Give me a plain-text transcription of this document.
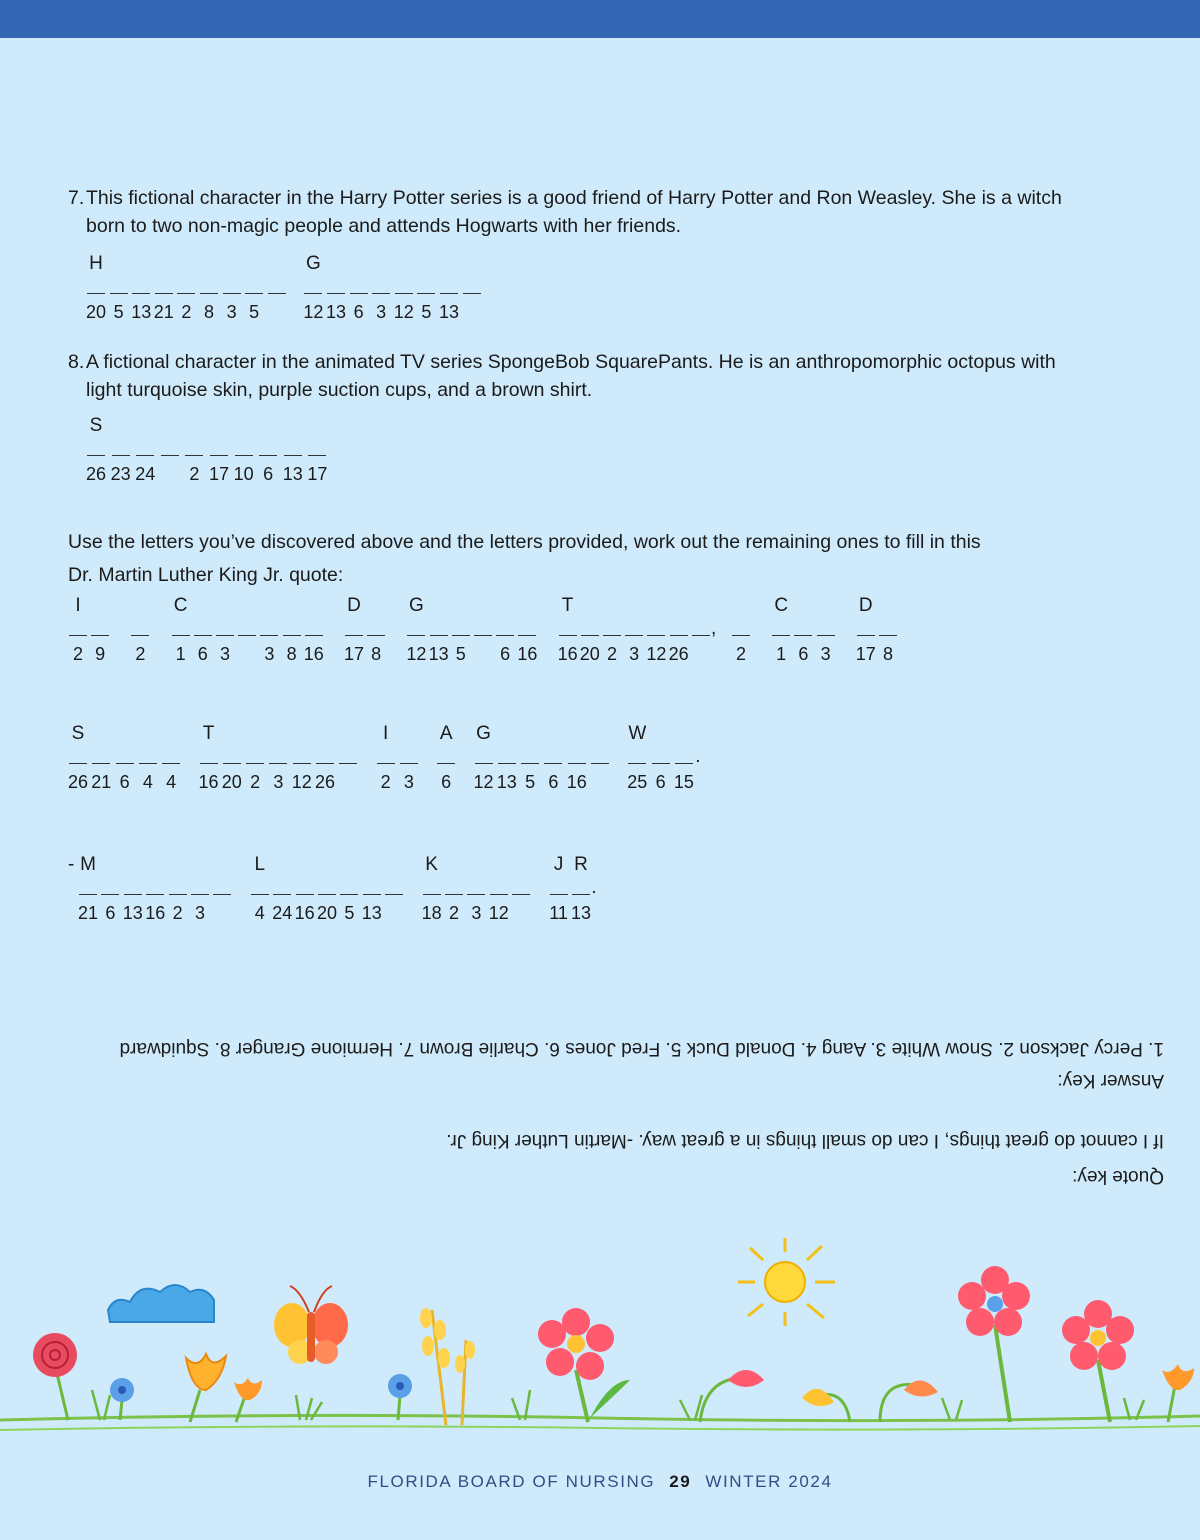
7.This fictional character in the Harry Potter series is a good friend of Harry Potter and Ron Weasley. She is a witch
born to two non-magic people and attends Hogwarts with her friends.
H
20 5 13 21 2 8 3 5
G
12 13 6 3 12 5 13
8.A fictional character in the animated TV series SpongeBob SquarePants. He is an anthropomorphic octopus with
light turquoise skin, purple suction cups, and a brown shirt.
S
26 23 24 2 17 10 6 13 17
Use the letters you’ve discovered above and the letters provided, work out the remaining ones to fill in this
Dr. Martin Luther King Jr. quote:
I
2 9 2
C
1 6 3 3 8 16
D
17 8
G
12 13 5 6 16
T
16 20 2 3 12 26
,
2
C
1 6 3
D
17 8
S
26 21 6 4 4
T
16 20 2 3 12 26
I
2 3
A
6
G
12 13 5 6 16
W
25 6 15
.
M
21 6 13 16 2 3
L
4 24 16 20 5 13
K
18 2 3 12
J
11
R
13
.
-
Quote key:
If I cannot do great things, I can do small things in a great way. -Martin Luther King Jr.
Answer Key:
1. Percy Jackson 2. Snow White 3. Aang 4. Donald Duck 5. Fred Jones 6. Charlie Brown 7. Hermione Granger 8. Squidward
FLORIDA BOARD OF NURSING 29 WINTER 2024
